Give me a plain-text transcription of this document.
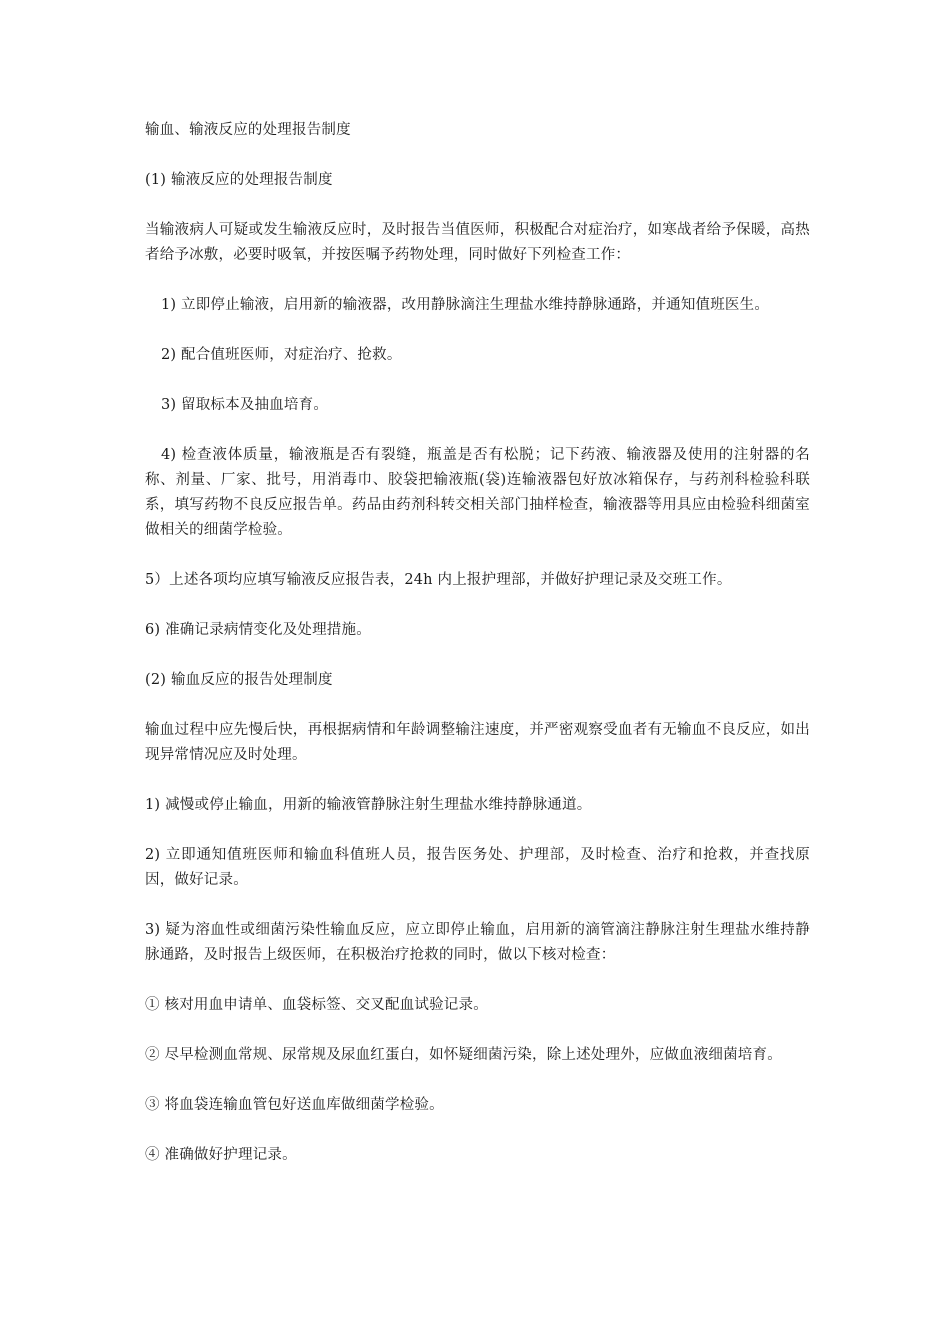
输血、输液反应的处理报告制度

(1) 输液反应的处理报告制度

当输液病人可疑或发生输液反应时，及时报告当值医师，积极配合对症治疗，如寒战者给予保暖，高热者给予冰敷，必要时吸氧，并按医嘱予药物处理，同时做好下列检查工作：

1) 立即停止输液，启用新的输液器，改用静脉滴注生理盐水维持静脉通路，并通知值班医生。

2) 配合值班医师，对症治疗、抢救。

3) 留取标本及抽血培育。

4) 检查液体质量，输液瓶是否有裂缝，瓶盖是否有松脱；记下药液、输液器及使用的注射器的名称、剂量、厂家、批号，用消毒巾、胶袋把输液瓶(袋)连输液器包好放冰箱保存，与药剂科检验科联系，填写药物不良反应报告单。药品由药剂科转交相关部门抽样检查，输液器等用具应由检验科细菌室做相关的细菌学检验。

5）上述各项均应填写输液反应报告表，24h 内上报护理部，并做好护理记录及交班工作。

6) 准确记录病情变化及处理措施。

(2) 输血反应的报告处理制度

输血过程中应先慢后快，再根据病情和年龄调整输注速度，并严密观察受血者有无输血不良反应，如出现异常情况应及时处理。

1) 减慢或停止输血，用新的输液管静脉注射生理盐水维持静脉通道。

2) 立即通知值班医师和输血科值班人员，报告医务处、护理部，及时检查、治疗和抢救，并查找原因，做好记录。

3) 疑为溶血性或细菌污染性输血反应，应立即停止输血，启用新的滴管滴注静脉注射生理盐水维持静脉通路，及时报告上级医师，在积极治疗抢救的同时，做以下核对检查：

① 核对用血申请单、血袋标签、交叉配血试验记录。

② 尽早检测血常规、尿常规及尿血红蛋白，如怀疑细菌污染，除上述处理外，应做血液细菌培育。

③ 将血袋连输血管包好送血库做细菌学检验。

④ 准确做好护理记录。
